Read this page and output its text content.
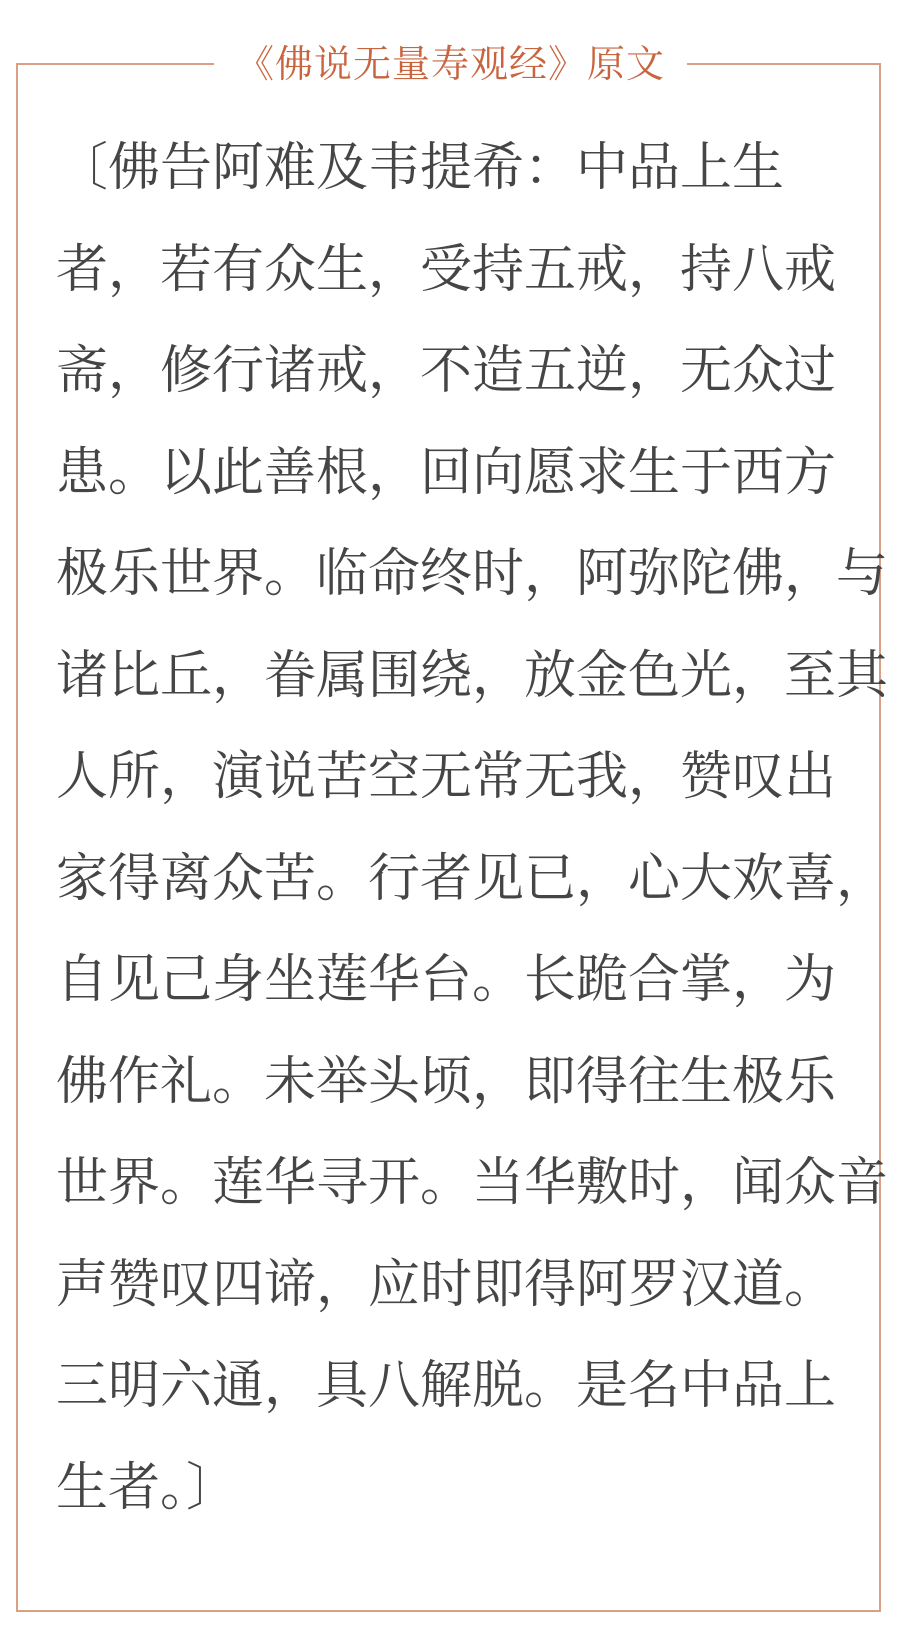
《佛说无量寿观经》原文
〔佛告阿难及韦提希：中品上生
者，若有众生，受持五戒，持八戒
斋，修行诸戒，不造五逆，无众过
患。以此善根，回向愿求生于西方
极乐世界。临命终时，阿弥陀佛，与
诸比丘，眷属围绕，放金色光，至其
人所，演说苦空无常无我，赞叹出
家得离众苦。行者见已，心大欢喜，
自见己身坐莲华台。长跪合掌，为
佛作礼。未举头顷，即得往生极乐
世界。莲华寻开。当华敷时，闻众音
声赞叹四谛，应时即得阿罗汉道。
三明六通，具八解脱。是名中品上
生者。〕
